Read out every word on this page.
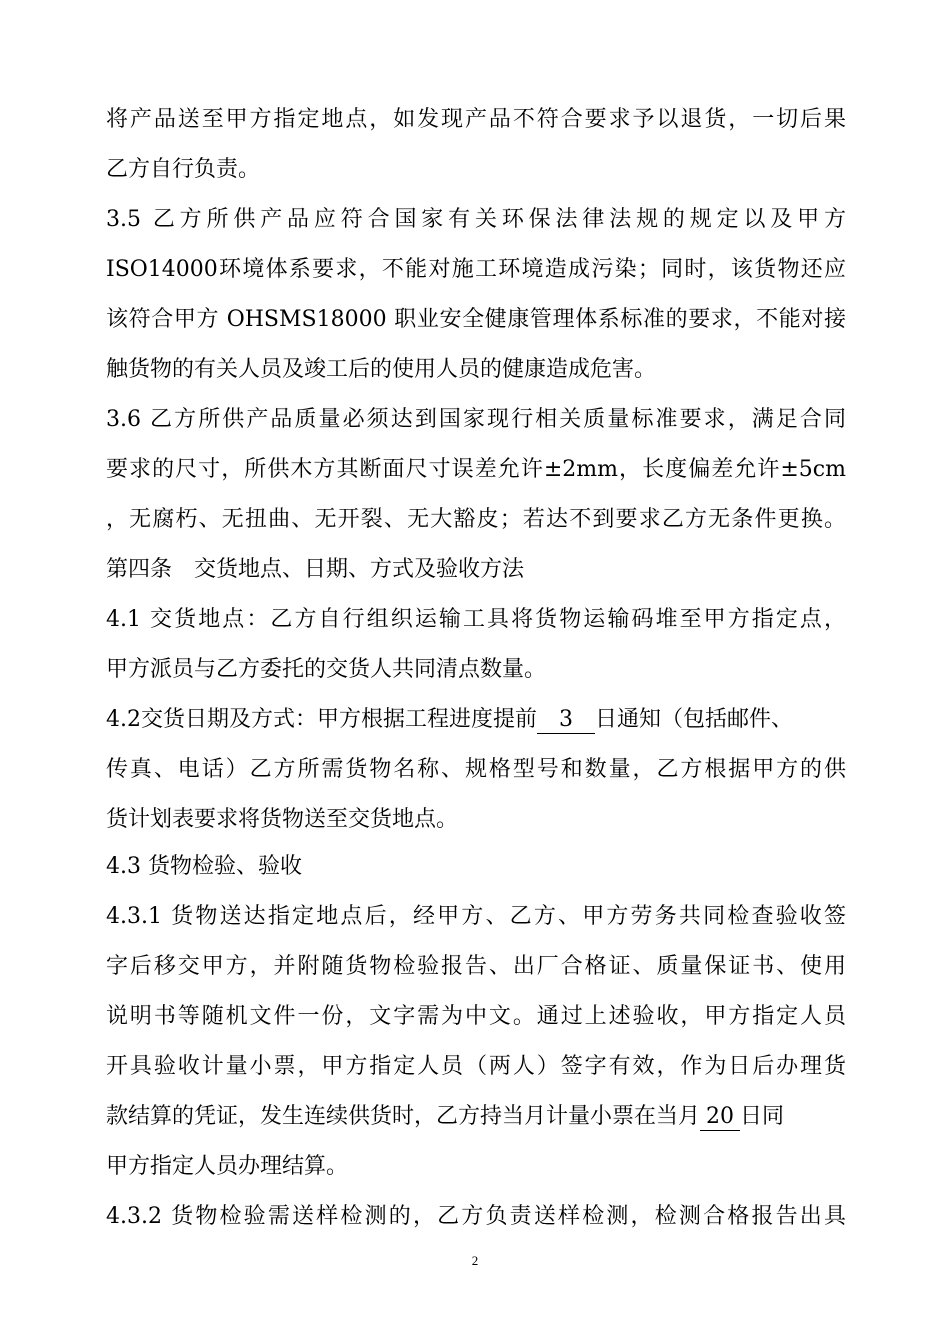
将产品送至甲方指定地点，如发现产品不符合要求予以退货，一切后果
乙方自行负责。
3.5 乙方所供产品应符合国家有关环保法律法规的规定以及甲方
ISO14000环境体系要求，不能对施工环境造成污染；同时，该货物还应
该符合甲方 OHSMS18000 职业安全健康管理体系标准的要求，不能对接
触货物的有关人员及竣工后的使用人员的健康造成危害。
3.6 乙方所供产品质量必须达到国家现行相关质量标准要求，满足合同
要求的尺寸，所供木方其断面尺寸误差允许±2mm，长度偏差允许±5cm
，无腐朽、无扭曲、无开裂、无大豁皮；若达不到要求乙方无条件更换。
第四条　交货地点、日期、方式及验收方法
4.1 交货地点：乙方自行组织运输工具将货物运输码堆至甲方指定点，
甲方派员与乙方委托的交货人共同清点数量。
4.2交货日期及方式：甲方根据工程进度提前 3 日通知（包括邮件、
传真、电话）乙方所需货物名称、规格型号和数量，乙方根据甲方的供
货计划表要求将货物送至交货地点。
4.3 货物检验、验收
4.3.1 货物送达指定地点后，经甲方、乙方、甲方劳务共同检查验收签
字后移交甲方，并附随货物检验报告、出厂合格证、质量保证书、使用
说明书等随机文件一份，文字需为中文。通过上述验收，甲方指定人员
开具验收计量小票，甲方指定人员（两人）签字有效，作为日后办理货
款结算的凭证，发生连续供货时，乙方持当月计量小票在当月 20 日同
甲方指定人员办理结算。
4.3.2 货物检验需送样检测的，乙方负责送样检测，检测合格报告出具
2
